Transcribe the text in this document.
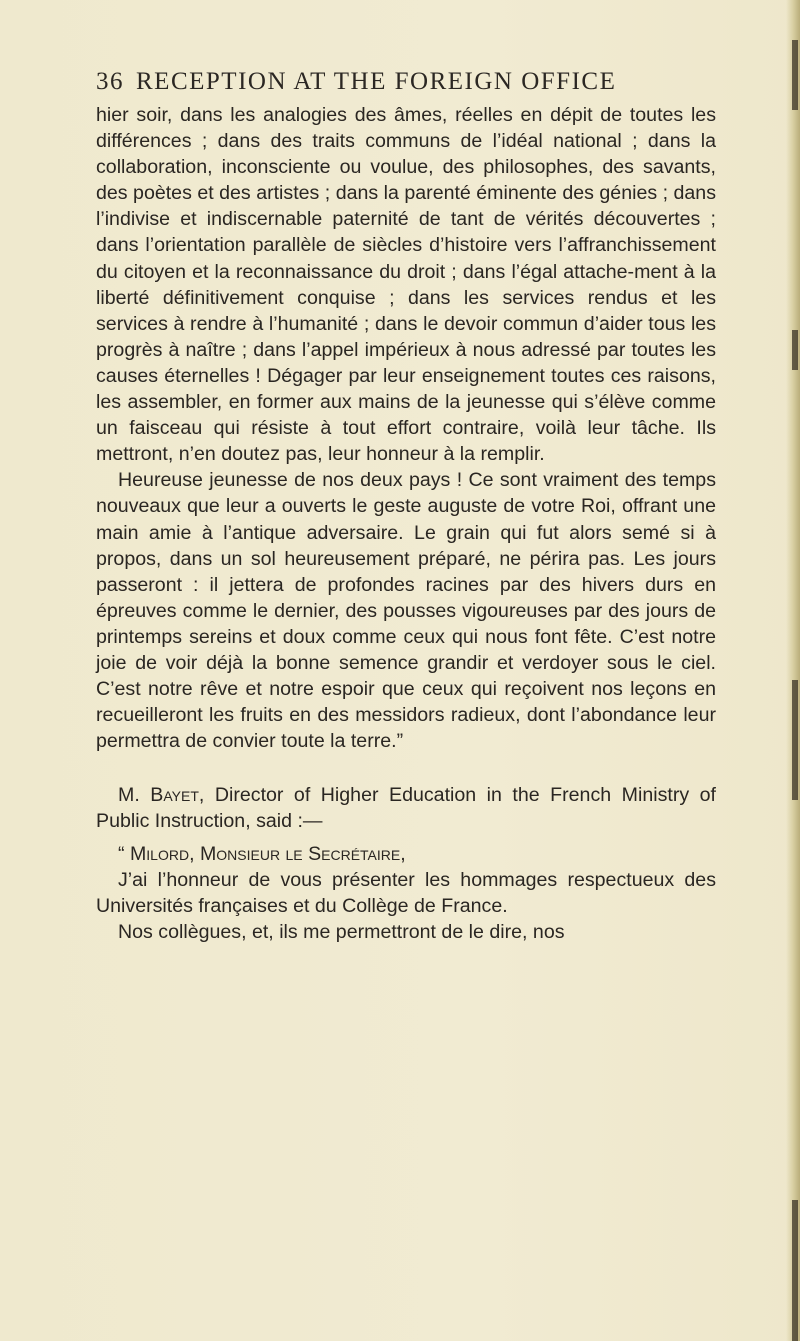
36 RECEPTION AT THE FOREIGN OFFICE

hier soir, dans les analogies des âmes, réelles en dépit de toutes les différences ; dans des traits communs de l’idéal national ; dans la collaboration, inconsciente ou voulue, des philosophes, des savants, des poètes et des artistes ; dans la parenté éminente des génies ; dans l’indivise et indiscernable paternité de tant de vérités découvertes ; dans l’orientation parallèle de siècles d’histoire vers l’affranchissement du citoyen et la reconnaissance du droit ; dans l’égal attache-ment à la liberté définitivement conquise ; dans les services rendus et les services à rendre à l’humanité ; dans le devoir commun d’aider tous les progrès à naître ; dans l’appel impérieux à nous adressé par toutes les causes éternelles ! Dégager par leur enseignement toutes ces raisons, les assembler, en former aux mains de la jeunesse qui s’élève comme un faisceau qui résiste à tout effort contraire, voilà leur tâche. Ils mettront, n’en doutez pas, leur honneur à la remplir.

Heureuse jeunesse de nos deux pays ! Ce sont vraiment des temps nouveaux que leur a ouverts le geste auguste de votre Roi, offrant une main amie à l’antique adversaire. Le grain qui fut alors semé si à propos, dans un sol heureusement préparé, ne périra pas. Les jours passeront : il jettera de profondes racines par des hivers durs en épreuves comme le dernier, des pousses vigoureuses par des jours de printemps sereins et doux comme ceux qui nous font fête. C’est notre joie de voir déjà la bonne semence grandir et verdoyer sous le ciel. C’est notre rêve et notre espoir que ceux qui reçoivent nos leçons en recueilleront les fruits en des messidors radieux, dont l’abondance leur permettra de convier toute la terre.”

M. Bayet, Director of Higher Education in the French Ministry of Public Instruction, said :—

“ Milord, Monsieur le Secrétaire,

J’ai l’honneur de vous présenter les hommages respectueux des Universités françaises et du Collège de France.

Nos collègues, et, ils me permettront de le dire, nos
